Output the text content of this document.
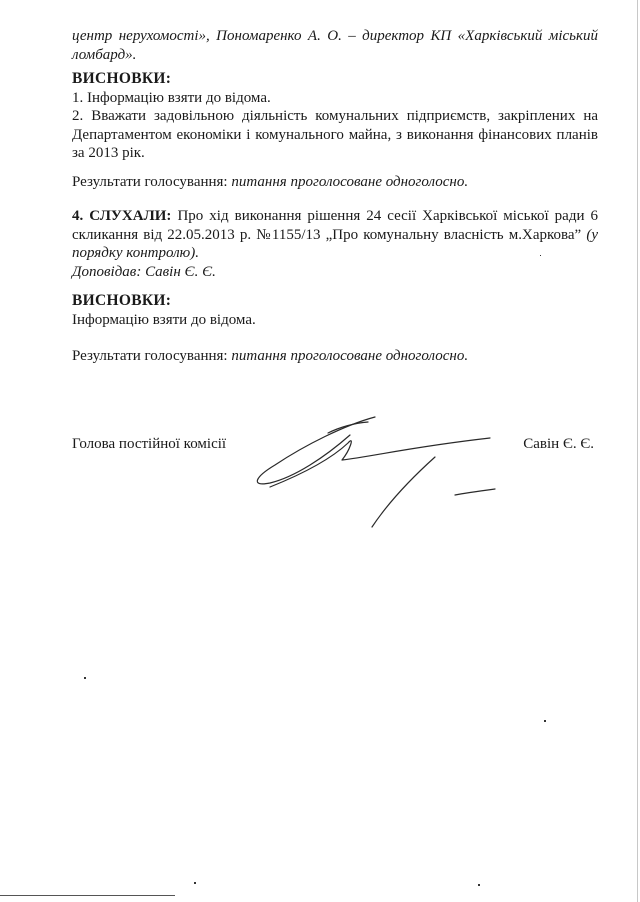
центр нерухомості», Пономаренко А. О. – директор КП «Харківський міський ломбард».

ВИСНОВКИ:

1. Інформацію взяти до відома.

2. Вважати задовільною діяльність комунальних підприємств, закріплених на Департаментом економіки і комунального майна, з виконання фінансових планів за 2013 рік.

Результати голосування: питання проголосоване одноголосно.

4. СЛУХАЛИ: Про хід виконання рішення 24 сесії Харківської міської ради 6 скликання від 22.05.2013 р. №1155/13 „Про комунальну власність м.Харкова” (у порядку контролю).

Доповідав: Савін Є. Є.

ВИСНОВКИ:

Інформацію взяти до відома.

Результати голосування: питання проголосоване одноголосно.

Голова постійної комісії	Савін Є. Є.
